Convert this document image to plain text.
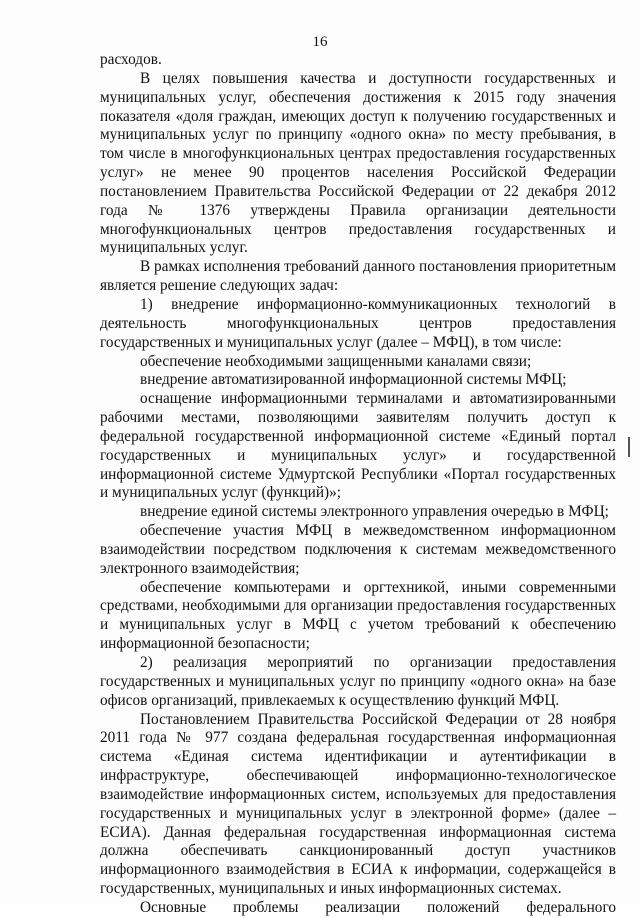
16

расходов.

В целях повышения качества и доступности государственных и муниципальных услуг, обеспечения достижения к 2015 году значения показателя «доля граждан, имеющих доступ к получению государственных и муниципальных услуг по принципу «одного окна» по месту пребывания, в том числе в многофункциональных центрах предоставления государственных услуг» не менее 90 процентов населения Российской Федерации постановлением Правительства Российской Федерации от 22 декабря 2012 года № 1376 утверждены Правила организации деятельности многофункциональных центров предоставления государственных и муниципальных услуг.

В рамках исполнения требований данного постановления приоритетным является решение следующих задач:

1) внедрение информационно-коммуникационных технологий в деятельность многофункциональных центров предоставления государственных и муниципальных услуг (далее – МФЦ), в том числе:

обеспечение необходимыми защищенными каналами связи;

внедрение автоматизированной информационной системы МФЦ;

оснащение информационными терминалами и автоматизированными рабочими местами, позволяющими заявителям получить доступ к федеральной государственной информационной системе «Единый портал государственных и муниципальных услуг» и государственной информационной системе Удмуртской Республики «Портал государственных и муниципальных услуг (функций)»;

внедрение единой системы электронного управления очередью в МФЦ;

обеспечение участия МФЦ в межведомственном информационном взаимодействии посредством подключения к системам межведомственного электронного взаимодействия;

обеспечение компьютерами и оргтехникой, иными современными средствами, необходимыми для организации предоставления государственных и муниципальных услуг в МФЦ с учетом требований к обеспечению информационной безопасности;

2) реализация мероприятий по организации предоставления государственных и муниципальных услуг по принципу «одного окна» на базе офисов организаций, привлекаемых к осуществлению функций МФЦ.

Постановлением Правительства Российской Федерации от 28 ноября 2011 года № 977 создана федеральная государственная информационная система «Единая система идентификации и аутентификации в инфраструктуре, обеспечивающей информационно-технологическое взаимодействие информационных систем, используемых для предоставления государственных и муниципальных услуг в электронной форме» (далее – ЕСИА). Данная федеральная государственная информационная система должна обеспечивать санкционированный доступ участников информационного взаимодействия в ЕСИА к информации, содержащейся в государственных, муниципальных и иных информационных системах.

Основные проблемы реализации положений федерального
